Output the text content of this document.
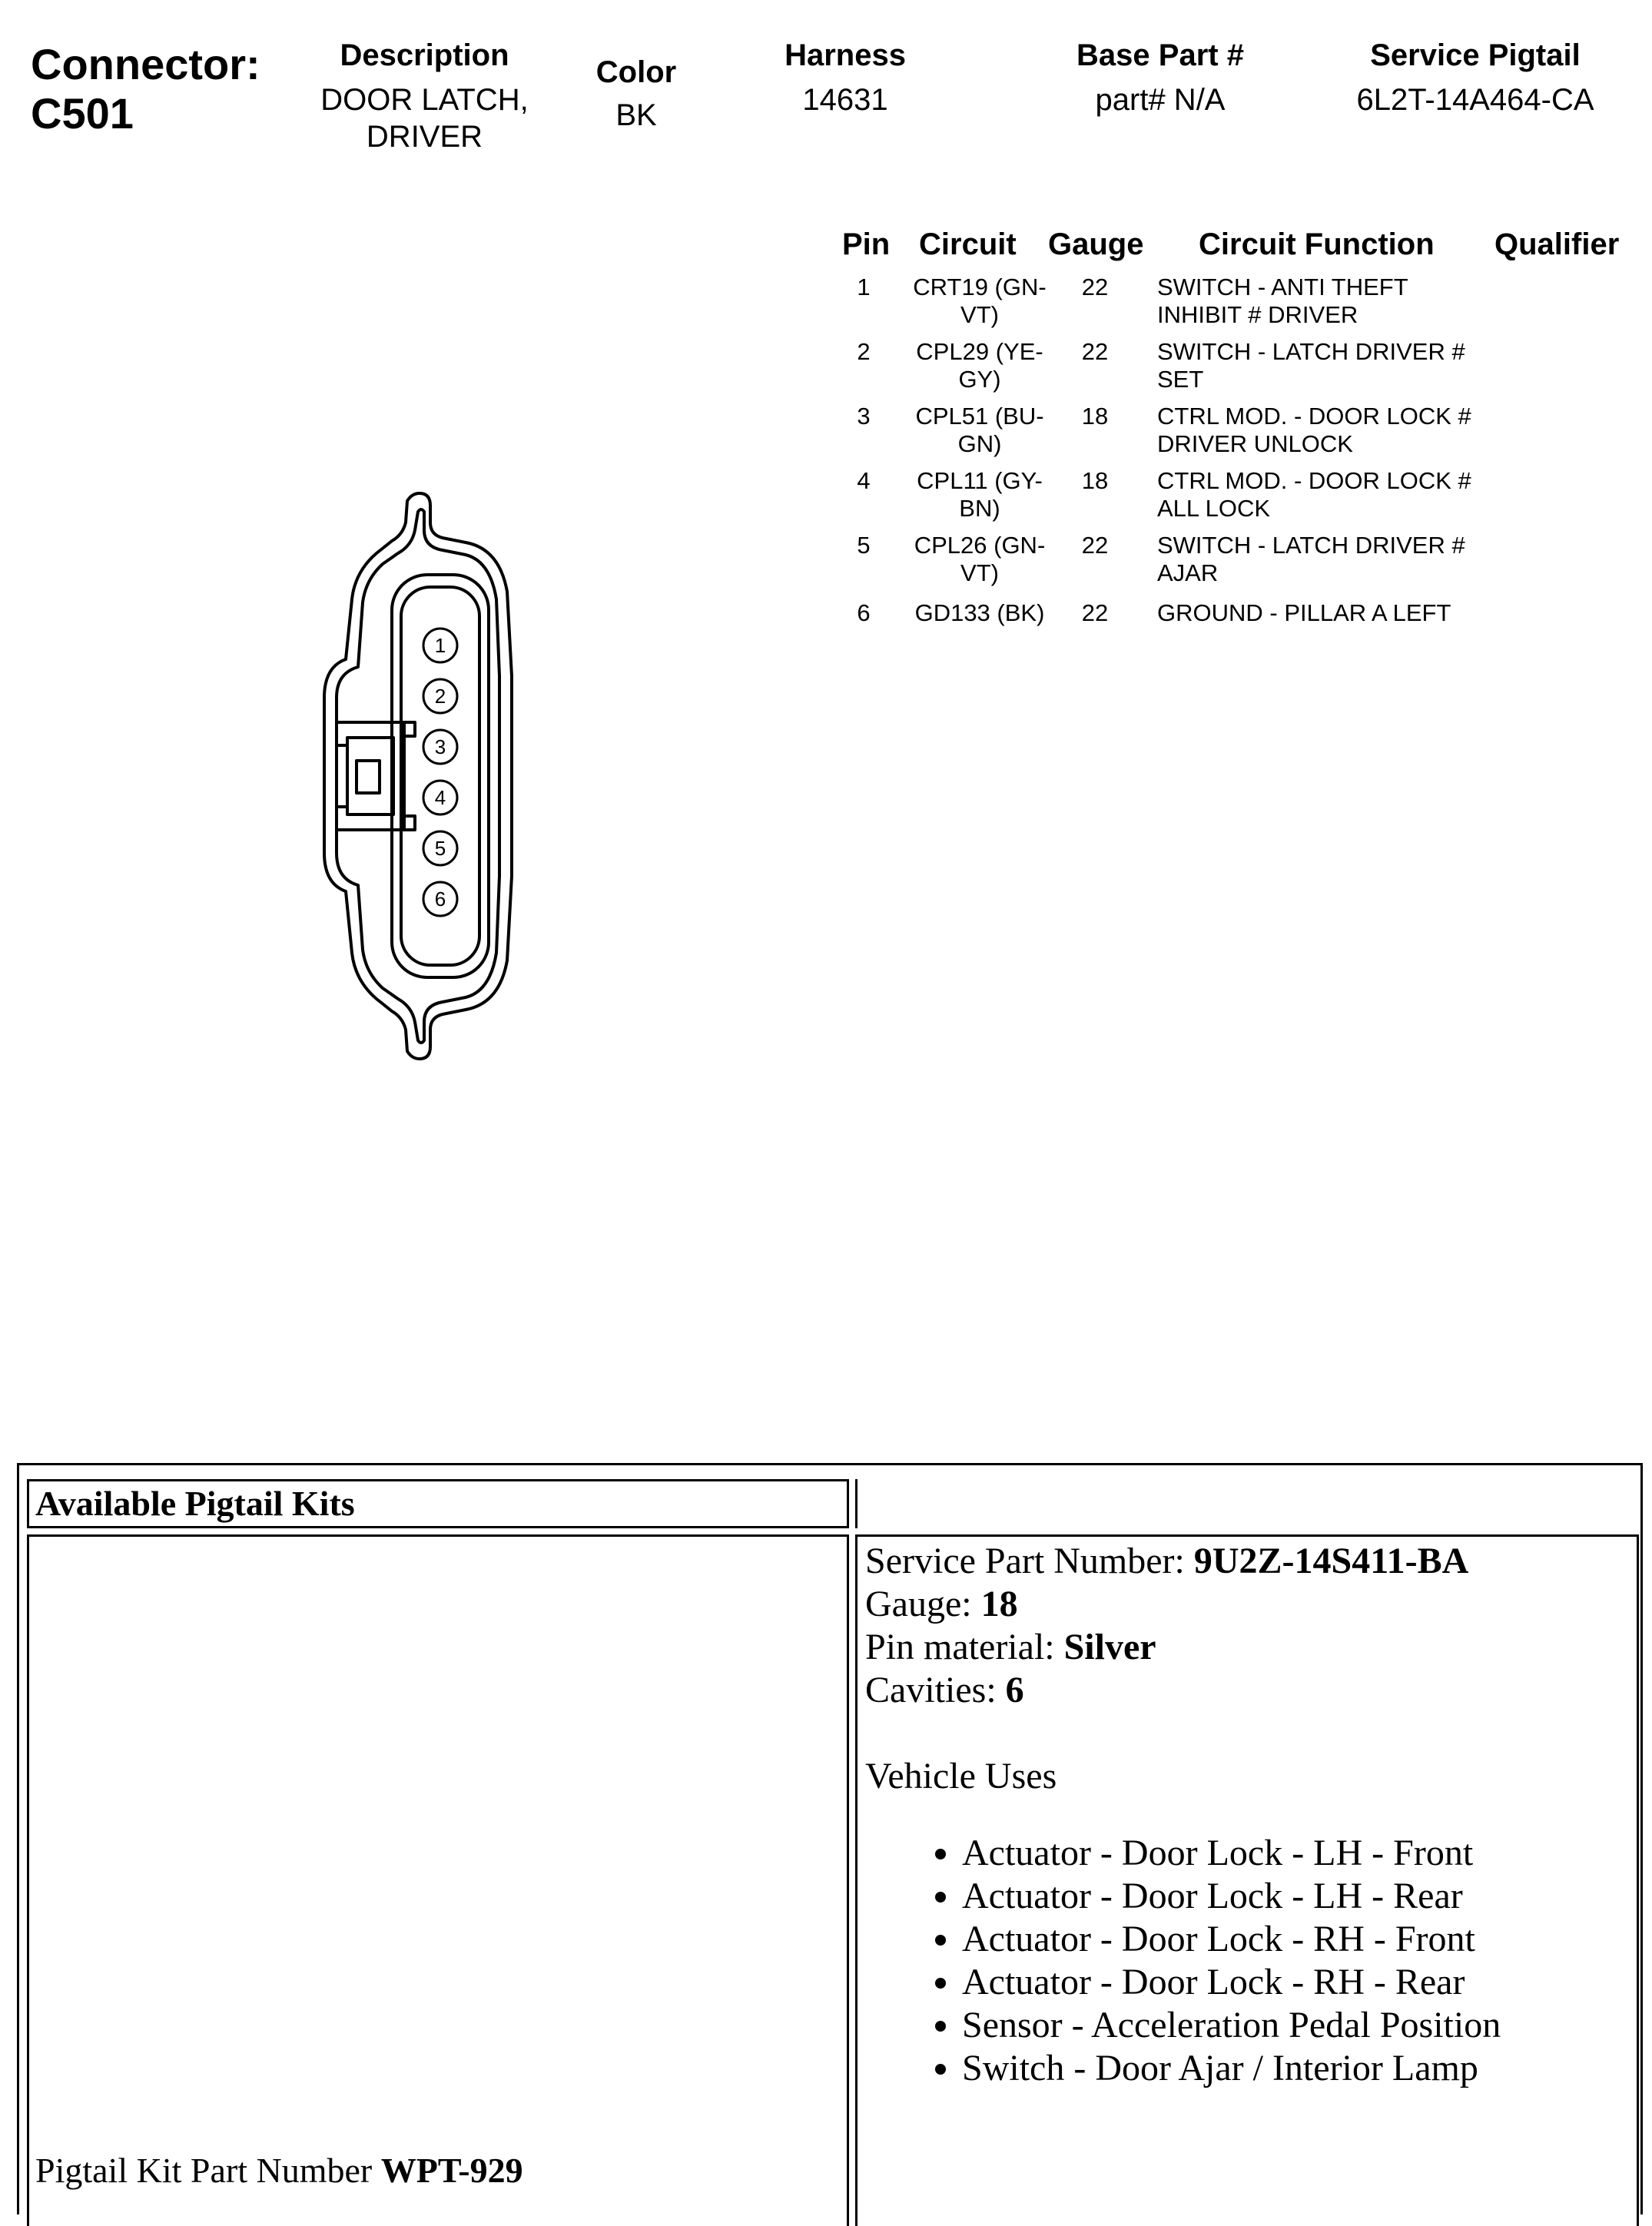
Connector:
C501
Description
DOOR LATCH,
DRIVER
Color
BK
Harness
14631
Base Part #
part# N/A
Service Pigtail
6L2T-14A464-CA
Pin Circuit Gauge Circuit Function Qualifier
1	CRT19 (GN-
VT)
22 SWITCH - ANTI THEFT
INHIBIT # DRIVER
2	CPL29 (YE-
GY)
22 SWITCH - LATCH DRIVER #
SET
3	CPL51 (BU-
GN)
18 CTRL MOD. - DOOR LOCK #
DRIVER UNLOCK
4	CPL11 (GY-
BN)
18 CTRL MOD. - DOOR LOCK #
ALL LOCK
5	CPL26 (GN-
VT)
22 SWITCH - LATCH DRIVER #
AJAR
6	GD133 (BK)	22 GROUND - PILLAR A LEFT
1
2
3
4
5
6
Available Pigtail Kits
Pigtail Kit Part Number WPT-929
Service Part Number: 9U2Z-14S411-BA
Gauge: 18
Pin material: Silver
Cavities: 6
Vehicle Uses
• Actuator - Door Lock - LH - Front
• Actuator - Door Lock - LH - Rear
• Actuator - Door Lock - RH - Front
• Actuator - Door Lock - RH - Rear
• Sensor - Acceleration Pedal Position
• Switch - Door Ajar / Interior Lamp
